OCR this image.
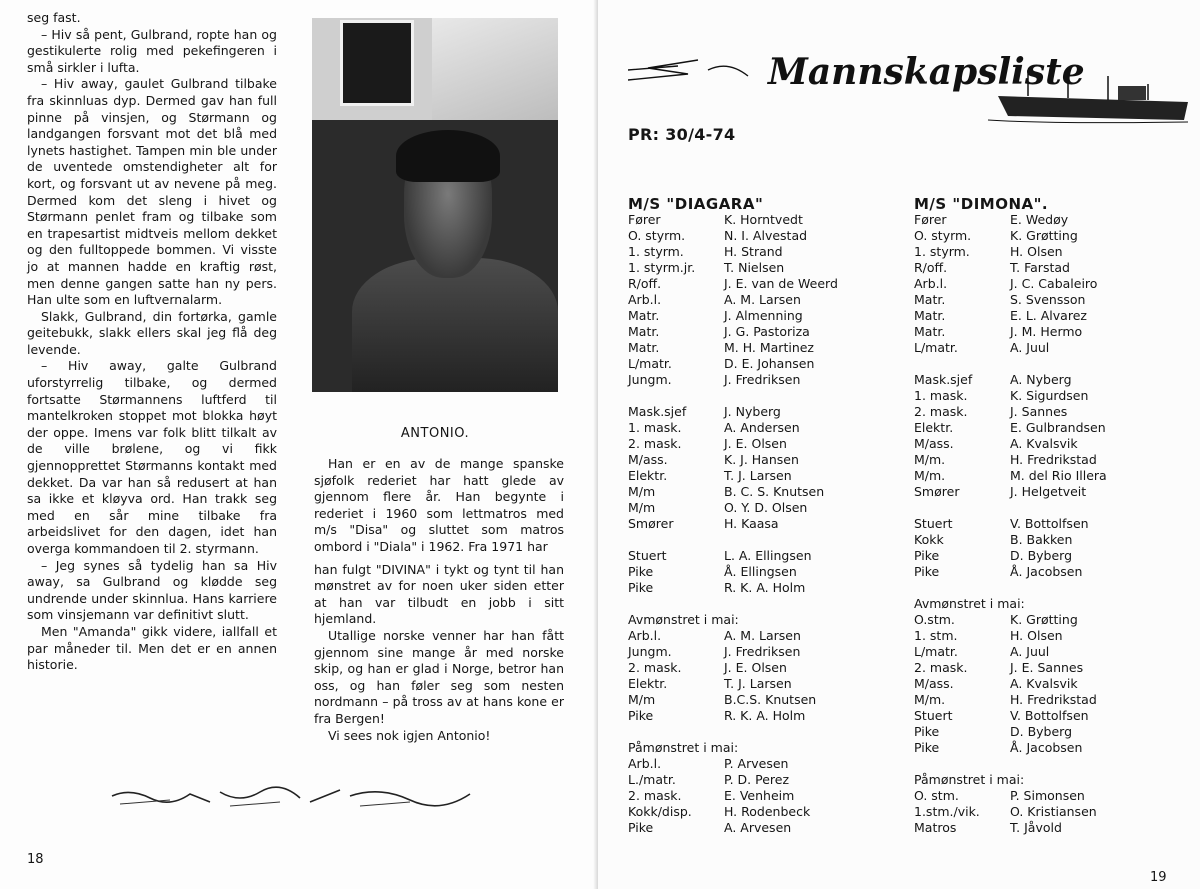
seg fast.

– Hiv så pent, Gulbrand, ropte han og gestikulerte rolig med pekefingeren i små sirkler i lufta.

– Hiv away, gaulet Gulbrand tilbake fra skinnluas dyp. Dermed gav han full pinne på vinsjen, og Størmann og landgangen forsvant mot det blå med lynets hastighet. Tampen min ble under de uventede omstendigheter alt for kort, og forsvant ut av nevene på meg. Dermed kom det sleng i hivet og Størmann penlet fram og tilbake som en trapesartist midtveis mellom dekket og den fulltoppede bommen. Vi visste jo at mannen hadde en kraftig røst, men denne gangen satte han ny pers. Han ulte som en luftvernalarm.

Slakk, Gulbrand, din fortørka, gamle geitebukk, slakk ellers skal jeg flå deg levende.

– Hiv away, galte Gulbrand uforstyrrelig tilbake, og dermed fortsatte Størmannens luftferd til mantelkroken stoppet mot blokka høyt der oppe. Imens var folk blitt tilkalt av de ville brølene, og vi fikk gjennopprettet Størmanns kontakt med dekket. Da var han så redusert at han sa ikke et kløyva ord. Han trakk seg med en sår mine tilbake fra arbeidslivet for den dagen, idet han overga kommandoen til 2. styrmann.

– Jeg synes så tydelig han sa Hiv away, sa Gulbrand og kløddе seg undrende under skinnlua. Hans karriere som vinsjemann var definitivt slutt.

Men "Amanda" gikk videre, iallfall et par måneder til. Men det er en annen historie.

ANTONIO.

Han er en av de mange spanske sjøfolk rederiet har hatt glede av gjennom flere år. Han begynte i rederiet i 1960 som lettmatros med m/s "Disa" og sluttet som matros ombord i "Diala" i 1962. Fra 1971 har

han fulgt "DIVINA" i tykt og tynt til han mønstret av for noen uker siden etter at han var tilbudt en jobb i sitt hjemland.

Utallige norske venner har han fått gjennom sine mange år med norske skip, og han er glad i Norge, betror han oss, og han føler seg som nesten nordmann – på tross av at hans kone er fra Bergen!

Vi sees nok igjen Antonio!

18
Mannskapsliste
PR: 30/4-74
M/S "DIAGARA"
Fører	K. Horntvedt
O. styrm.	N. I. Alvestad
1. styrm.	H. Strand
1. styrm.jr.	T. Nielsen
R/off.	J. E. van de Weerd
Arb.l.	A. M. Larsen
Matr.	J. Almenning
Matr.	J. G. Pastoriza
Matr.	M. H. Martinez
L/matr.	D. E. Johansen
Jungm.	J. Fredriksen
Mask.sjef	J. Nyberg
1. mask.	A. Andersen
2. mask.	J. E. Olsen
M/ass.	K. J. Hansen
Elektr.	T. J. Larsen
M/m	B. C. S. Knutsen
M/m	O. Y. D. Olsen
Smører	H. Kaasa
Stuert	L. A. Ellingsen
Pike	Å. Ellingsen
Pike	R. K. A. Holm
Avmønstret i mai:
Arb.l.	A. M. Larsen
Jungm.	J. Fredriksen
2. mask.	J. E. Olsen
Elektr.	T. J. Larsen
M/m	B.C.S. Knutsen
Pike	R. K. A. Holm
Påmønstret i mai:
Arb.l.	P. Arvesen
L./matr.	P. D. Perez
2. mask.	E. Venheim
Kokk/disp.	H. Rodenbeck
Pike	A. Arvesen
M/S "DIMONA".
Fører	E. Wedøy
O. styrm.	K. Grøtting
1. styrm.	H. Olsen
R/off.	T. Farstad
Arb.l.	J. C. Cabaleiro
Matr.	S. Svensson
Matr.	E. L. Alvarez
Matr.	J. M. Hermo
L/matr.	A. Juul
Mask.sjef	A. Nyberg
1. mask.	K. Sigurdsen
2. mask.	J. Sannes
Elektr.	E. Gulbrandsen
M/ass.	A. Kvalsvik
M/m.	H. Fredrikstad
M/m.	M. del Rio Illera
Smører	J. Helgetveit
Stuert	V. Bottolfsen
Kokk	B. Bakken
Pike	D. Byberg
Pike	Å. Jacobsen
Avmønstret i mai:
O.stm.	K. Grøtting
1. stm.	H. Olsen
L/matr.	A. Juul
2. mask.	J. E. Sannes
M/ass.	A. Kvalsvik
M/m.	H. Fredrikstad
Stuert	V. Bottolfsen
Pike	D. Byberg
Pike	Å. Jacobsen
Påmønstret i mai:
O. stm.	P. Simonsen
1.stm./vik.	O. Kristiansen
Matros	T. Jåvold
19
